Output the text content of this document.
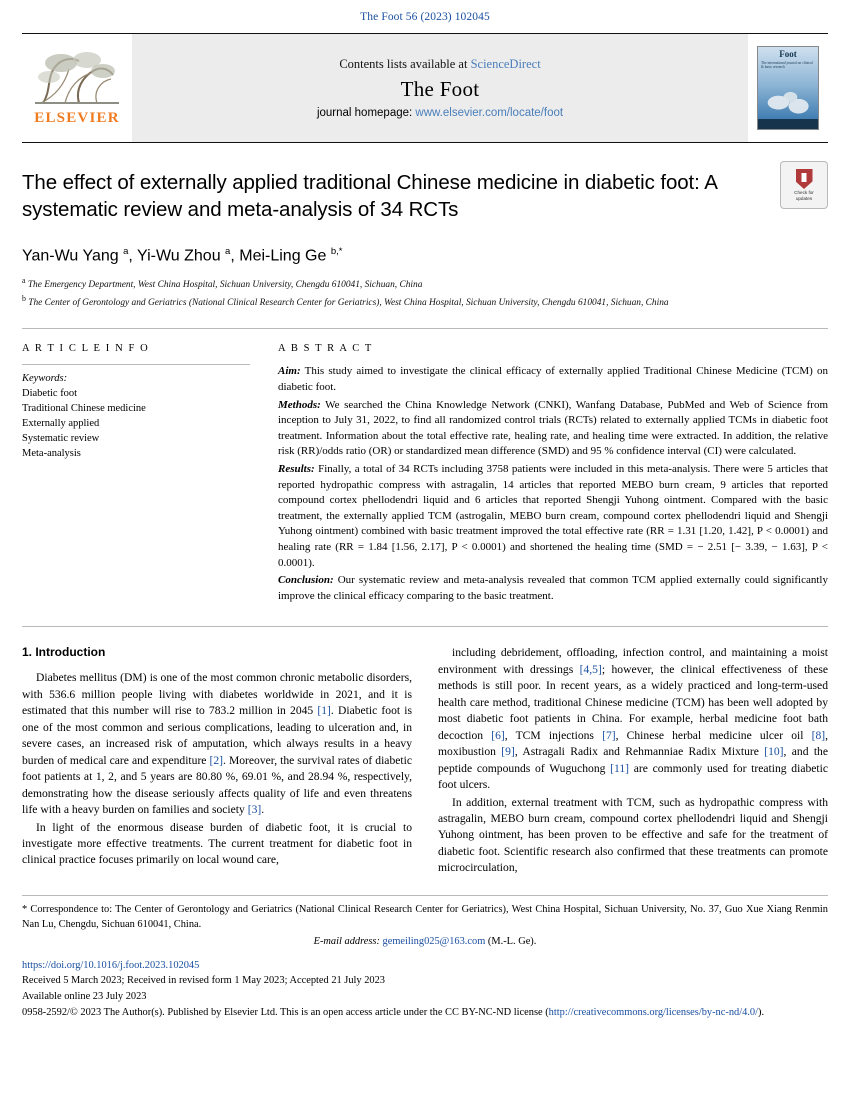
The Foot 56 (2023) 102045
ELSEVIER
Contents lists available at ScienceDirect
The Foot
journal homepage: www.elsevier.com/locate/foot
Foot
The international journal on clinical & basic research
Check for
updates
The effect of externally applied traditional Chinese medicine in diabetic foot: A systematic review and meta-analysis of 34 RCTs
Yan-Wu Yang $^a$, Yi-Wu Zhou $^a$, Mei-Ling Ge $^{b,*}$
$^a$ The Emergency Department, West China Hospital, Sichuan University, Chengdu 610041, Sichuan, China
$^b$ The Center of Gerontology and Geriatrics (National Clinical Research Center for Geriatrics), West China Hospital, Sichuan University, Chengdu 610041, Sichuan, China
A R T I C L E I N F O
Keywords:
Diabetic foot
Traditional Chinese medicine
Externally applied
Systematic review
Meta-analysis
A B S T R A C T

Aim: This study aimed to investigate the clinical efficacy of externally applied Traditional Chinese Medicine (TCM) on diabetic foot.

Methods: We searched the China Knowledge Network (CNKI), Wanfang Database, PubMed and Web of Science from inception to July 31, 2022, to find all randomized control trials (RCTs) related to externally applied TCMs in diabetic foot treatment. Information about the total effective rate, healing rate, and healing time were extracted. In addition, the relative risk (RR)/odds ratio (OR) or standardized mean difference (SMD) and 95 % confidence interval (CI) were calculated.

Results: Finally, a total of 34 RCTs including 3758 patients were included in this meta-analysis. There were 5 articles that reported hydropathic compress with astragalin, 14 articles that reported MEBO burn cream, 9 articles that reported compound cortex phellodendri liquid and 6 articles that reported Shengji Yuhong ointment. Compared with the basic treatment, the externally applied TCM (astrogalin, MEBO burn cream, compound cortex phellodendri liquid and Shengji Yuhong ointment) combined with basic treatment improved the total effective rate (RR = 1.31 [1.20, 1.42], P < 0.0001) and healing rate (RR = 1.84 [1.56, 2.17], P < 0.0001) and shortened the healing time (SMD = − 2.51 [− 3.39, − 1.63], P < 0.0001).

Conclusion: Our systematic review and meta-analysis revealed that common TCM applied externally could significantly improve the clinical efficacy comparing to the basic treatment.

1. Introduction

Diabetes mellitus (DM) is one of the most common chronic metabolic disorders, with 536.6 million people living with diabetes worldwide in 2021, and it is estimated that this number will rise to 783.2 million in 2045 [1]. Diabetic foot is one of the most common and serious complications, leading to ulceration and, in severe cases, an increased risk of amputation, which always results in a heavy burden of medical care and expenditure [2]. Moreover, the survival rates of diabetic foot patients at 1, 2, and 5 years are 80.80 %, 69.01 %, and 28.94 %, respectively, demonstrating how the disease seriously affects quality of life and even threatens life with a heavy burden on families and society [3].

In light of the enormous disease burden of diabetic foot, it is crucial to investigate more effective treatments. The current treatment for diabetic foot in clinical practice focuses primarily on local wound care,

including debridement, offloading, infection control, and maintaining a moist environment with dressings [4,5]; however, the clinical effectiveness of these methods is still poor. In recent years, as a widely practiced and long-term-used health care method, traditional Chinese medicine (TCM) has been well adopted by most diabetic foot patients in China. For example, herbal medicine foot bath decoction [6], TCM injections [7], Chinese herbal medicine ulcer oil [8], moxibustion [9], Astragali Radix and Rehmanniae Radix Mixture [10], and the peptide compounds of Wuguchong [11] are commonly used for treating diabetic foot ulcers.

In addition, external treatment with TCM, such as hydropathic compress with astragalin, MEBO burn cream, compound cortex phellodendri liquid and Shengji Yuhong ointment, has been proven to be effective and safe for the treatment of diabetic foot. Scientific research also confirmed that these treatments can promote microcirculation,

* Correspondence to: The Center of Gerontology and Geriatrics (National Clinical Research Center for Geriatrics), West China Hospital, Sichuan University, No. 37, Guo Xue Xiang Renmin Nan Lu, Chengdu, Sichuan 610041, China.
E-mail address: gemeiling025@163.com (M.-L. Ge).
https://doi.org/10.1016/j.foot.2023.102045
Received 5 March 2023; Received in revised form 1 May 2023; Accepted 21 July 2023
Available online 23 July 2023
0958-2592/© 2023 The Author(s). Published by Elsevier Ltd. This is an open access article under the CC BY-NC-ND license (http://creativecommons.org/licenses/by-nc-nd/4.0/).
